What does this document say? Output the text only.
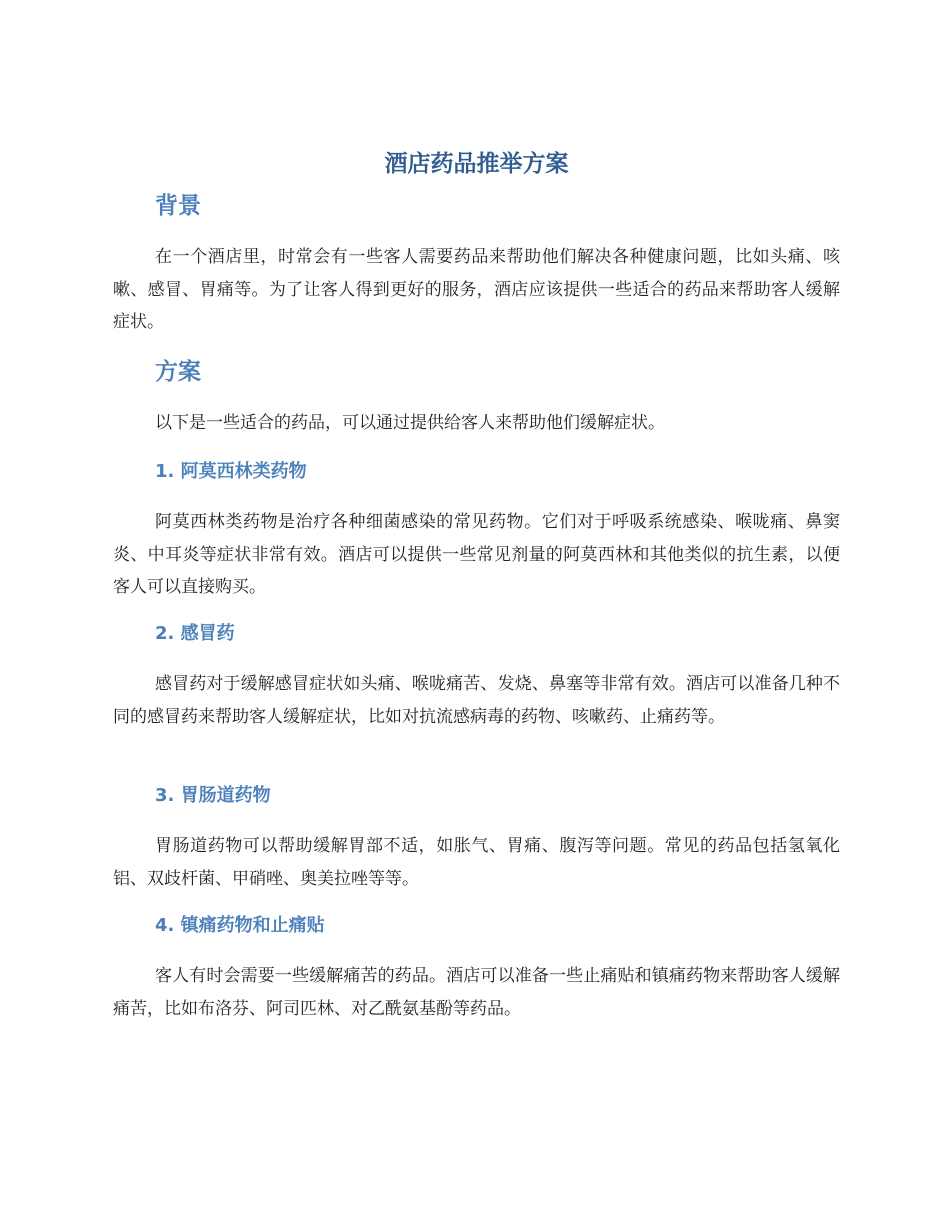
酒店药品推举方案
背景

在一个酒店里，时常会有一些客人需要药品来帮助他们解决各种健康问题，比如头痛、咳嗽、感冒、胃痛等。为了让客人得到更好的服务，酒店应该提供一些适合的药品来帮助客人缓解症状。

方案

以下是一些适合的药品，可以通过提供给客人来帮助他们缓解症状。

1. 阿莫西林类药物

阿莫西林类药物是治疗各种细菌感染的常见药物。它们对于呼吸系统感染、喉咙痛、鼻窦炎、中耳炎等症状非常有效。酒店可以提供一些常见剂量的阿莫西林和其他类似的抗生素，以便客人可以直接购买。

2. 感冒药

感冒药对于缓解感冒症状如头痛、喉咙痛苦、发烧、鼻塞等非常有效。酒店可以准备几种不同的感冒药来帮助客人缓解症状，比如对抗流感病毒的药物、咳嗽药、止痛药等。

3. 胃肠道药物

胃肠道药物可以帮助缓解胃部不适，如胀气、胃痛、腹泻等问题。常见的药品包括氢氧化铝、双歧杆菌、甲硝唑、奥美拉唑等等。

4. 镇痛药物和止痛贴

客人有时会需要一些缓解痛苦的药品。酒店可以准备一些止痛贴和镇痛药物来帮助客人缓解痛苦，比如布洛芬、阿司匹林、对乙酰氨基酚等药品。
